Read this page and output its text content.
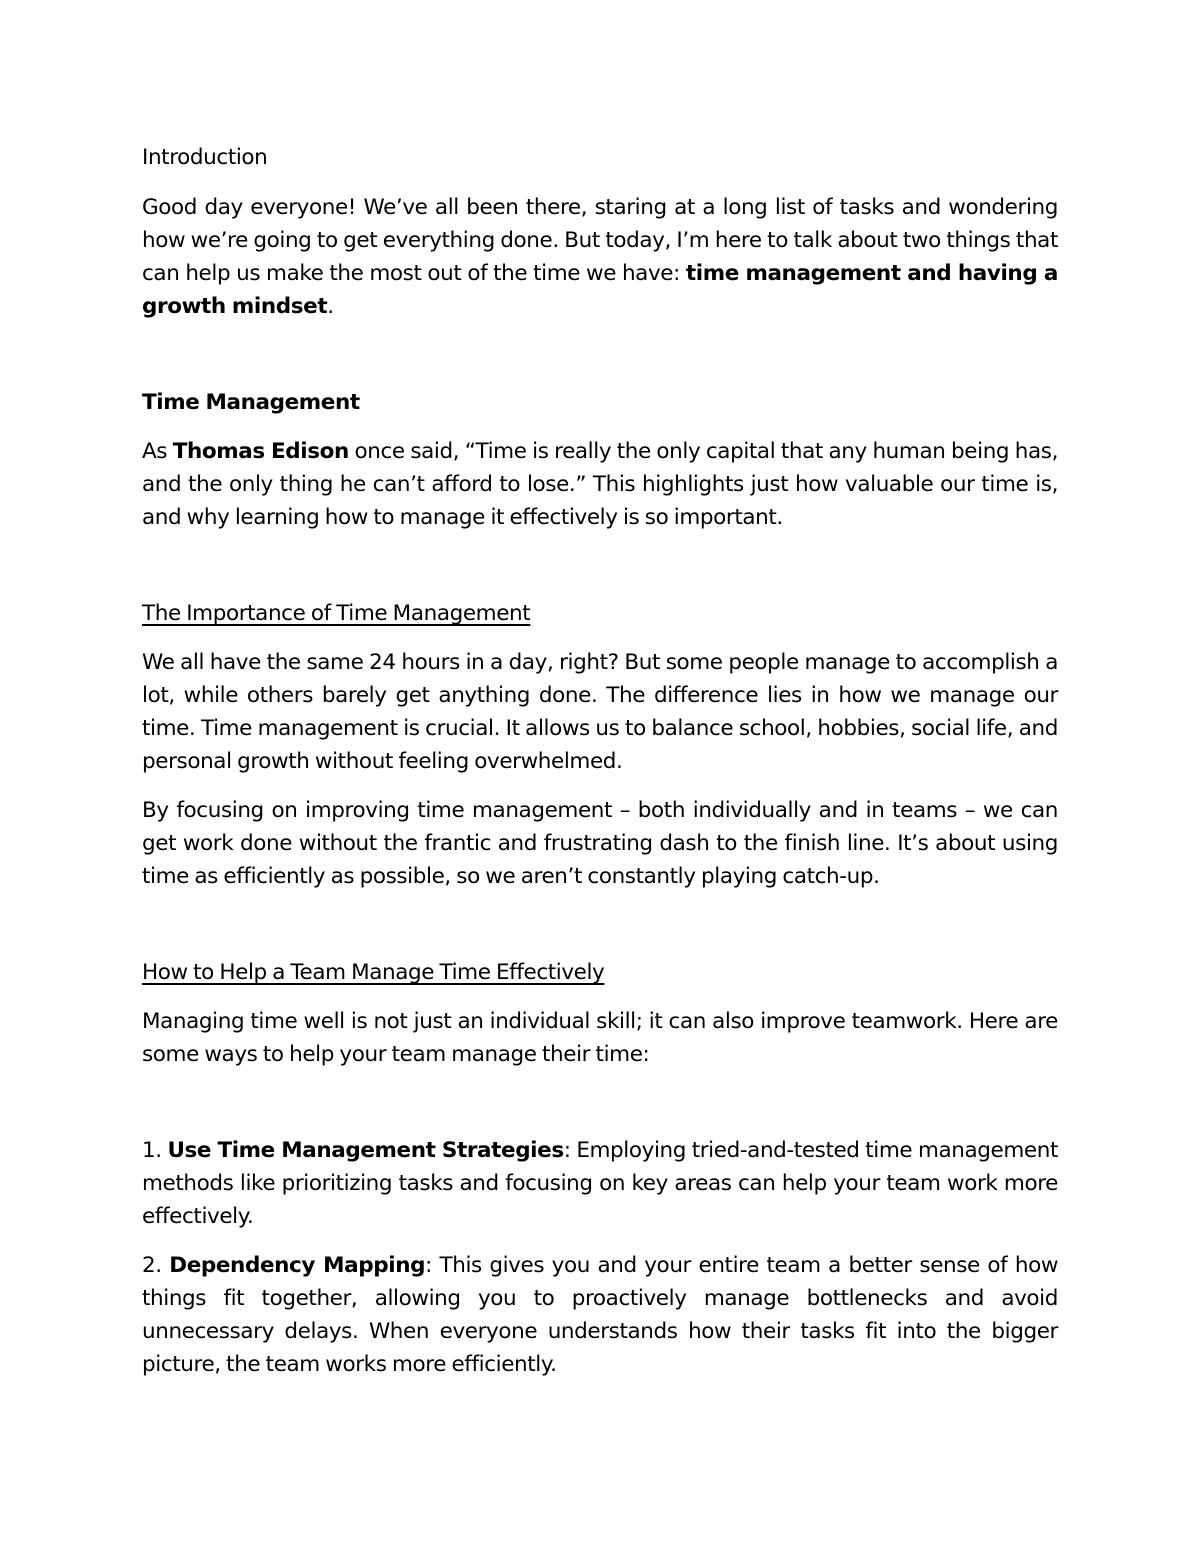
Introduction

Good day everyone! We’ve all been there, staring at a long list of tasks and wondering how we’re going to get everything done. But today, I’m here to talk about two things that can help us make the most out of the time we have: time management and having a growth mindset.

Time Management

As Thomas Edison once said, “Time is really the only capital that any human being has, and the only thing he can’t afford to lose.” This highlights just how valuable our time is, and why learning how to manage it effectively is so important.

The Importance of Time Management

We all have the same 24 hours in a day, right? But some people manage to accomplish a lot, while others barely get anything done. The difference lies in how we manage our time. Time management is crucial. It allows us to balance school, hobbies, social life, and personal growth without feeling overwhelmed.

By focusing on improving time management – both individually and in teams – we can get work done without the frantic and frustrating dash to the finish line. It’s about using time as efficiently as possible, so we aren’t constantly playing catch-up.

How to Help a Team Manage Time Effectively

Managing time well is not just an individual skill; it can also improve teamwork. Here are some ways to help your team manage their time:

1. Use Time Management Strategies: Employing tried-and-tested time management methods like prioritizing tasks and focusing on key areas can help your team work more effectively.

2. Dependency Mapping: This gives you and your entire team a better sense of how things fit together, allowing you to proactively manage bottlenecks and avoid unnecessary delays. When everyone understands how their tasks fit into the bigger picture, the team works more efficiently.
